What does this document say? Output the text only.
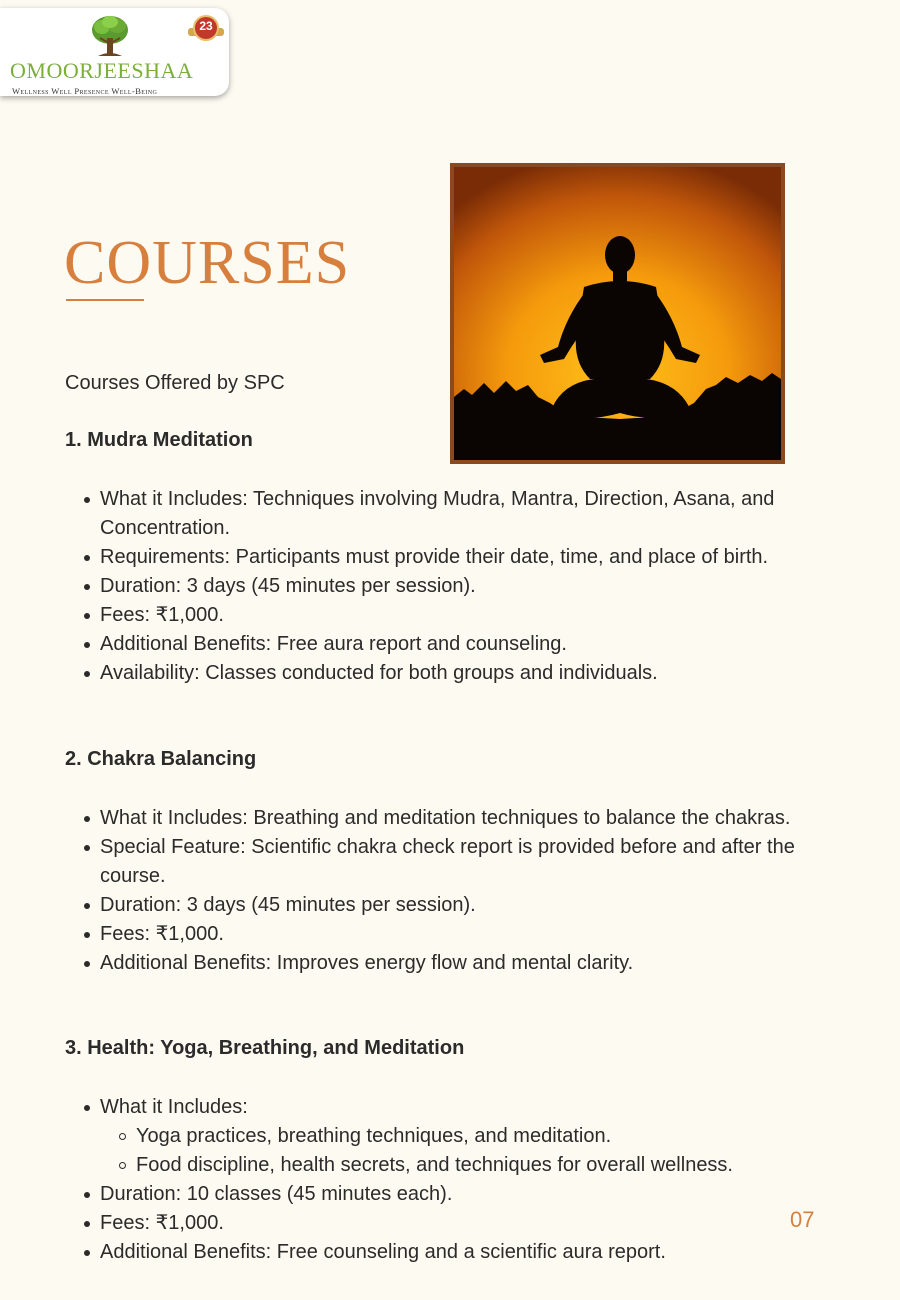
23
OMOORJEESHAA
Wellness Well Presence Well-Being
COURSES

Courses Offered by SPC

1. Mudra Meditation
What it Includes: Techniques involving Mudra, Mantra, Direction, Asana, and Concentration.
Requirements: Participants must provide their date, time, and place of birth.
Duration: 3 days (45 minutes per session).
Fees: ₹1,000.
Additional Benefits: Free aura report and counseling.
Availability: Classes conducted for both groups and individuals.
2. Chakra Balancing
What it Includes: Breathing and meditation techniques to balance the chakras.
Special Feature: Scientific chakra check report is provided before and after the course.
Duration: 3 days (45 minutes per session).
Fees: ₹1,000.
Additional Benefits: Improves energy flow and mental clarity.
3. Health: Yoga, Breathing, and Meditation
What it Includes:
Yoga practices, breathing techniques, and meditation.
Food discipline, health secrets, and techniques for overall wellness.
Duration: 10 classes (45 minutes each).
Fees: ₹1,000.
Additional Benefits: Free counseling and a scientific aura report.
07
